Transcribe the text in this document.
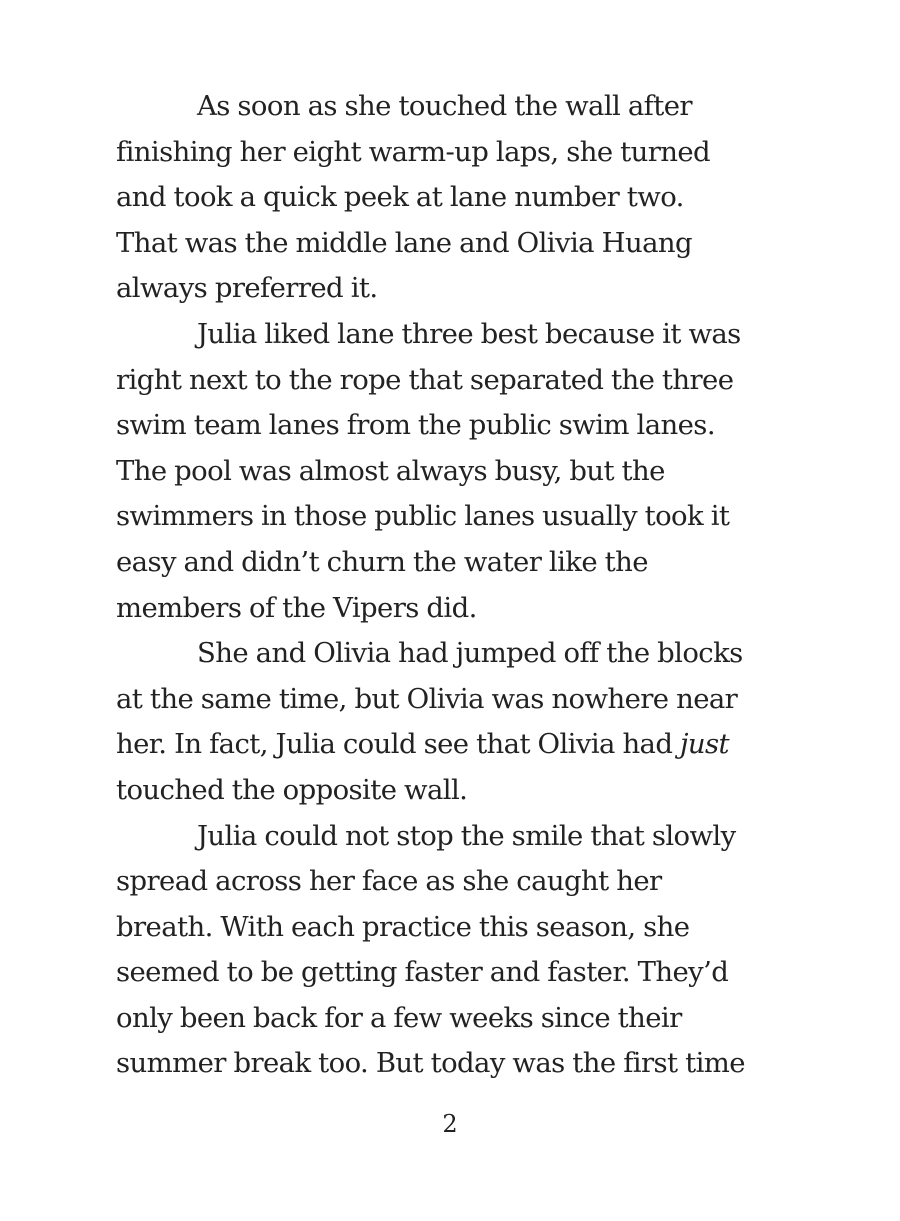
As soon as she touched the wall after
finishing her eight warm-up laps, she turned
and took a quick peek at lane number two.
That was the middle lane and Olivia Huang
always preferred it.
Julia liked lane three best because it was
right next to the rope that separated the three
swim team lanes from the public swim lanes.
The pool was almost always busy, but the
swimmers in those public lanes usually took it
easy and didn’t churn the water like the
members of the Vipers did.
She and Olivia had jumped off the blocks
at the same time, but Olivia was nowhere near
her. In fact, Julia could see that Olivia had just
touched the opposite wall.
Julia could not stop the smile that slowly
spread across her face as she caught her
breath. With each practice this season, she
seemed to be getting faster and faster. They’d
only been back for a few weeks since their
summer break too. But today was the first time
2
